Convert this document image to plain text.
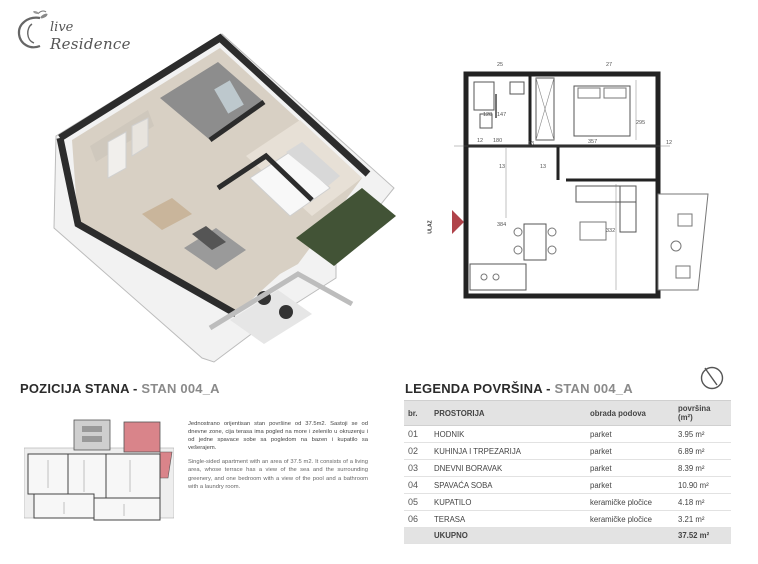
live
Residence
ULAZ
25	27
180	357
295
12
13
12
13
384
332
13
147
128
POZICIJA STANA - STAN 004_A	LEGENDA POVRŠINA - STAN 004_A

Jednostrano orijentisan stan površine od 37.5m2. Sastoji se od dnevne zone, cija terasa ima pogled na more i zelenilo u okruzenju i od jedne spavace sobe sa pogledom na bazen i kupatilo sa vešerajem.

Single-sided apartment with an area of 37.5 m2. It consists of a living area, whose terrace has a view of the sea and the surrounding greenery, and one bedroom with a view of the pool and a bathroom with a laundry room.

br.	PROSTORIJA	obrada podova	površina (m²)
01	HODNIK	parket	3.95 m²
02	KUHINJA I TRPEZARIJA	parket	6.89 m²
03	DNEVNI BORAVAK	parket	8.39 m²
04	SPAVAĆA SOBA	parket	10.90 m²
05	KUPATILO	keramičke pločice	4.18 m²
06	TERASA	keramičke pločice	3.21 m²
	UKUPNO		37.52 m²
